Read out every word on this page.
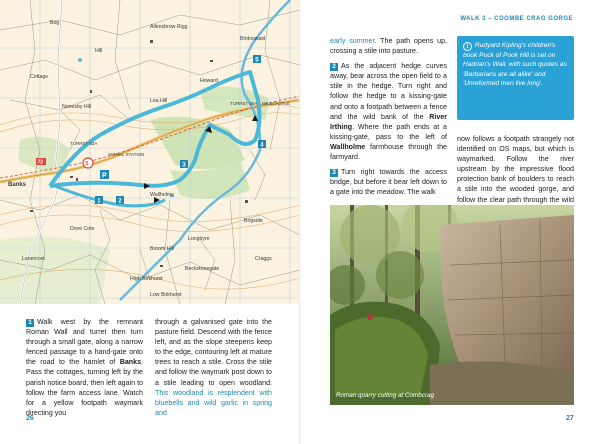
Allensbrow Rigg
Bog
Cottage
Hill
TURRET 55A MILECASTLE
Lea Hill
Howard
Nonesby Hill
Banks
TURRET 52A
SIGNAL STATION
Wallholme
Longbyre
Bogside
Lanercost
High Birkhurst
Low Birkhurst
Beckstonegate
Dove Cote
Broom Hill
Craggs
Birdoswald
72
1	2
3
4
5
S
P
1 Walk west by the remnant Roman Wall and turret then turn through a small gate, along a narrow fenced passage to a hand-gate onto the road to the hamlet of Banks. Pass the cottages, turning left by the parish notice board, then left again to follow the farm access lane. Watch for a yellow footpath waymark directing you
through a galvanised gate into the pasture field. Descend with the fence left, and as the slope steepens keep to the edge, contouring left at mature trees to reach a stile. Cross the stile and follow the waymark post down to a stile leading to open woodland. This woodland is resplendent with bluebells and wild garlic in spring and
26
WALK 3 – COOMBE CRAG GORGE
early summer. The path opens up, crossing a stile into pasture.
2 As the adjacent hedge curves away, bear across the open field to a stile in the hedge. Turn right and follow the hedge to a kissing-gate and onto a footpath between a fence and the wild bank of the River Irthing. Where the path ends at a kissing-gate, pass to the left of Wallholme farmhouse through the farmyard.
3 Turn right towards the access bridge, but before it bear left down to a gate into the meadow. The walk
i Rudyard Kipling's children's book Puck of Pook Hill is set on Hadrian's Wall, with such quotes as 'Barbarians are all alike' and 'Unreformed men live long'.
now follows a footpath strangely not identified on OS maps, but which is waymarked. Follow the river upstream by the impressive flood protection bank of boulders to reach a stile into the wooded gorge, and follow the clear path through the wild
Roman quarry cutting at Combcrag
27
